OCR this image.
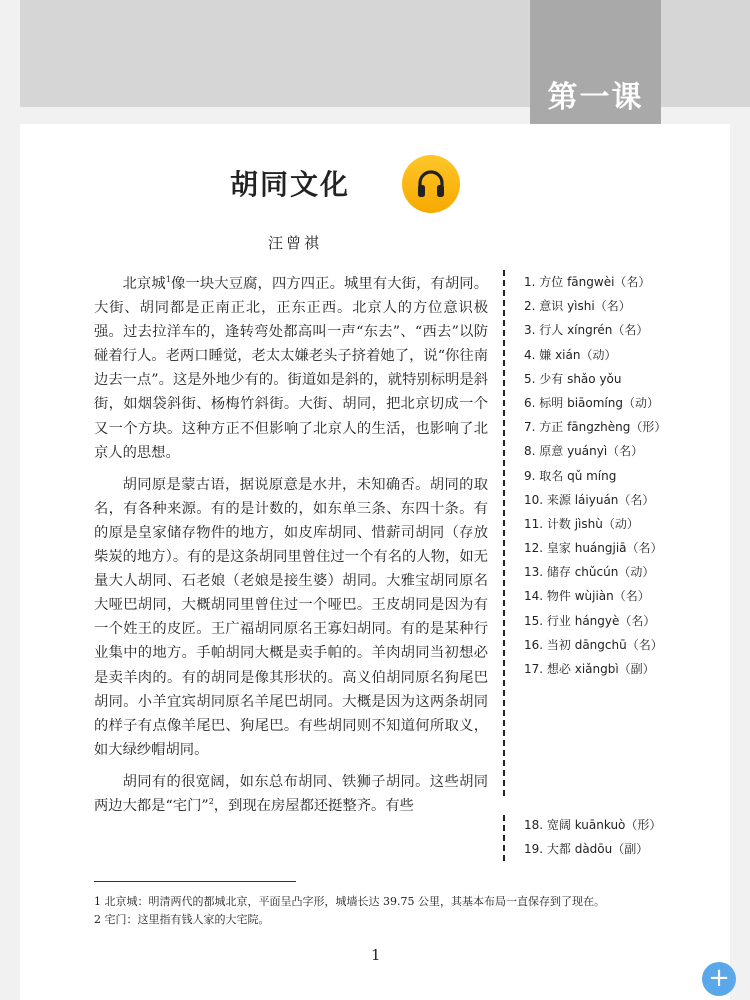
第一课
胡同文化
汪曾祺

北京城$^1$像一块大豆腐，四方四正。城里有大街，有胡同。大街、胡同都是正南正北，正东正西。北京人的方位意识极强。过去拉洋车的，逢转弯处都高叫一声“东去”、“西去”以防碰着行人。老两口睡觉，老太太嫌老头子挤着她了，说“你往南边去一点”。这是外地少有的。街道如是斜的，就特别标明是斜街，如烟袋斜街、杨梅竹斜街。大街、胡同，把北京切成一个又一个方块。这种方正不但影响了北京人的生活，也影响了北京人的思想。

胡同原是蒙古语，据说原意是水井，未知确否。胡同的取名，有各种来源。有的是计数的，如东单三条、东四十条。有的原是皇家储存物件的地方，如皮库胡同、惜薪司胡同（存放柴炭的地方）。有的是这条胡同里曾住过一个有名的人物，如无量大人胡同、石老娘（老娘是接生婆）胡同。大雅宝胡同原名大哑巴胡同，大概胡同里曾住过一个哑巴。王皮胡同是因为有一个姓王的皮匠。王广福胡同原名王寡妇胡同。有的是某种行业集中的地方。手帕胡同大概是卖手帕的。羊肉胡同当初想必是卖羊肉的。有的胡同是像其形状的。高义伯胡同原名狗尾巴胡同。小羊宜宾胡同原名羊尾巴胡同。大概是因为这两条胡同的样子有点像羊尾巴、狗尾巴。有些胡同则不知道何所取义，如大绿纱帽胡同。

胡同有的很宽阔，如东总布胡同、铁狮子胡同。这些胡同两边大都是“宅门”$^2$，到现在房屋都还挺整齐。有些

1. 方位 fāngwèi（名）
2. 意识 yìshi（名）
3. 行人 xíngrén（名）
4. 嫌 xián（动）
5. 少有 shǎo yǒu
6. 标明 biāomíng（动）
7. 方正 fāngzhèng（形）
8. 原意 yuányì（名）
9. 取名 qǔ míng
10. 来源 láiyuán（名）
11. 计数 jìshù（动）
12. 皇家 huángjiā（名）
13. 储存 chǔcún（动）
14. 物件 wùjiàn（名）
15. 行业 hángyè（名）
16. 当初 dāngchū（名）
17. 想必 xiǎngbì（副）
18. 宽阔 kuānkuò（形）
19. 大都 dàdōu（副）
1 北京城：明清两代的都城北京，平面呈凸字形，城墙长达 39.75 公里，其基本布局一直保存到了现在。
2 宅门：这里指有钱人家的大宅院。
1
+
